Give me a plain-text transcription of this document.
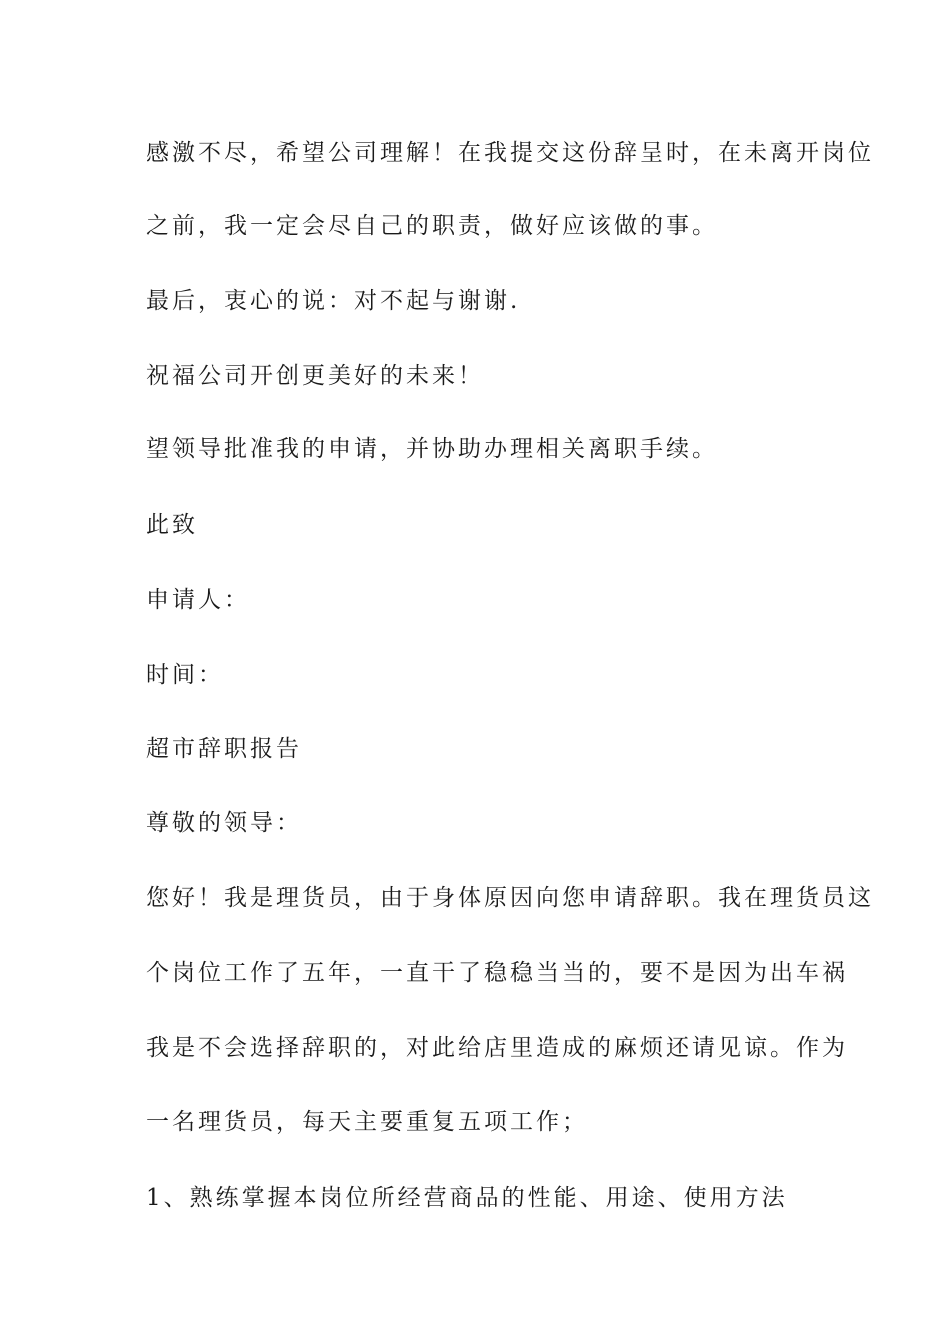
感激不尽，希望公司理解！在我提交这份辞呈时，在未离开岗位
之前，我一定会尽自己的职责，做好应该做的事。
最后，衷心的说：对不起与谢谢.
祝福公司开创更美好的未来！
望领导批准我的申请，并协助办理相关离职手续。
此致
申请人：
时间：
超市辞职报告
尊敬的领导：
您好！我是理货员，由于身体原因向您申请辞职。我在理货员这
个岗位工作了五年，一直干了稳稳当当的，要不是因为出车祸
我是不会选择辞职的，对此给店里造成的麻烦还请见谅。作为
一名理货员，每天主要重复五项工作；
1、熟练掌握本岗位所经营商品的性能、用途、使用方法
